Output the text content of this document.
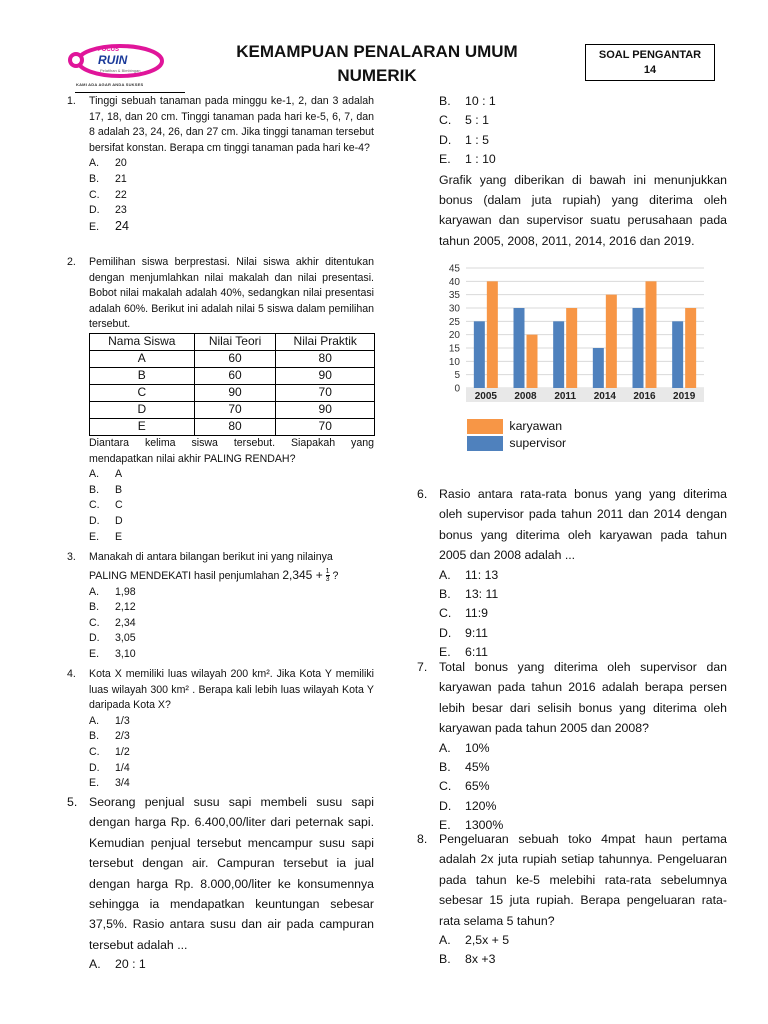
FOCUS
RUIN
Pelatihan & Bimbingan
KAMI ADA AGAR ANDA SUKSES
KEMAMPUAN PENALARAN UMUM
NUMERIK
SOAL PENGANTAR
14
1. Tinggi sebuah tanaman pada minggu ke-1, 2, dan 3 adalah 17, 18, dan 20 cm. Tinggi tanaman pada hari ke-5, 6, 7, dan 8 adalah 23, 24, 26, dan 27 cm. Jika tinggi tanaman tersebut bersifat konstan. Berapa cm tinggi tanaman pada hari ke-4?
A. 20
B. 21
C. 22
D. 23
E. 24
2. Pemilihan siswa berprestasi. Nilai siswa akhir ditentukan dengan menjumlahkan nilai makalah dan nilai presentasi. Bobot nilai makalah adalah 40%, sedangkan nilai presentasi adalah 60%. Berikut ini adalah nilai 5 siswa dalam pemilihan tersebut.
Nama Siswa	Nilai Teori	Nilai Praktik
A	60	80
B	60	90
C	90	70
D	70	90
E	80	70
Diantara kelima siswa tersebut. Siapakah yang mendapatkan nilai akhir PALING RENDAH?
A. A
B. B
C. C
D. D
E. E
3. Manakah di antara bilangan berikut ini yang nilainya
PALING MENDEKATI hasil penjumlahan $2,345 + \frac{1}{3}$ ?
A. 1,98
B. 2,12
C. 2,34
D. 3,05
E. 3,10
4. Kota X memiliki luas wilayah 200 km². Jika Kota Y memiliki luas wilayah 300 km² . Berapa kali lebih luas wilayah Kota Y daripada Kota X?
A. 1/3
B. 2/3
C. 1/2
D. 1/4
E. 3/4
5. Seorang penjual susu sapi membeli susu sapi dengan harga Rp. 6.400,00/liter dari peternak sapi. Kemudian penjual tersebut mencampur susu sapi tersebut dengan air. Campuran tersebut ia jual dengan harga Rp. 8.000,00/liter ke konsumennya sehingga ia mendapatkan keuntungan sebesar 37,5%. Rasio antara susu dan air pada campuran tersebut adalah ...
A. 20 : 1
B. 10 : 1
C. 5 : 1
D. 1 : 5
E. 1 : 10
Grafik yang diberikan di bawah ini menunjukkan bonus (dalam juta rupiah) yang diterima oleh karyawan dan supervisor suatu perusahaan pada tahun 2005, 2008, 2011, 2014, 2016 dan 2019.
0
5
10
15
20
25
30
35
40
45
2005 2008 2011 2014 2016 2019
karyawan
supervisor
6. Rasio antara rata-rata bonus yang yang diterima oleh supervisor pada tahun 2011 dan 2014 dengan bonus yang diterima oleh karyawan pada tahun 2005 dan 2008 adalah ...
A. 11: 13
B. 13: 11
C. 11:9
D. 9:11
E. 6:11
7. Total bonus yang diterima oleh supervisor dan karyawan pada tahun 2016 adalah berapa persen lebih besar dari selisih bonus yang diterima oleh karyawan pada tahun 2005 dan 2008?
A. 10%
B. 45%
C. 65%
D. 120%
E. 1300%
8. Pengeluaran sebuah toko 4mpat haun pertama adalah 2x juta rupiah setiap tahunnya. Pengeluaran pada tahun ke-5 melebihi rata-rata sebelumnya sebesar 15 juta rupiah. Berapa pengeluaran rata-rata selama 5 tahun?
A. 2,5x + 5
B. 8x +3
